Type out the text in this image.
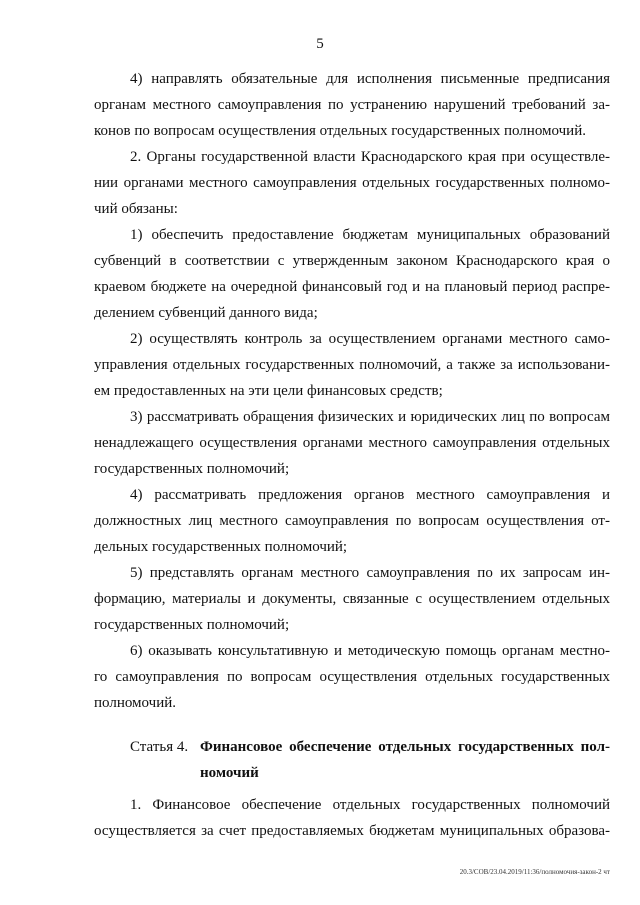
5
4) направлять обязательные для исполнения письменные предписания
органам местного самоуправления по устранению нарушений требований за-
конов по вопросам осуществления отдельных государственных полномочий.
2. Органы государственной власти Краснодарского края при осуществле-
нии органами местного самоуправления отдельных государственных полномо-
чий обязаны:
1) обеспечить предоставление бюджетам муниципальных образований
субвенций в соответствии с утвержденным законом Краснодарского края о
краевом бюджете на очередной финансовый год и на плановый период распре-
делением субвенций данного вида;
2) осуществлять контроль за осуществлением органами местного само-
управления отдельных государственных полномочий, а также за использовани-
ем предоставленных на эти цели финансовых средств;
3) рассматривать обращения физических и юридических лиц по вопросам
ненадлежащего осуществления органами местного самоуправления отдельных
государственных полномочий;
4) рассматривать предложения органов местного самоуправления и
должностных лиц местного самоуправления по вопросам осуществления от-
дельных государственных полномочий;
5) представлять органам местного самоуправления по их запросам ин-
формацию, материалы и документы, связанные с осуществлением отдельных
государственных полномочий;
6) оказывать консультативную и методическую помощь органам местно-
го самоуправления по вопросам осуществления отдельных государственных
полномочий.
Статья 4. Финансовое обеспечение отдельных государственных пол-
номочий
1. Финансовое обеспечение отдельных государственных полномочий
осуществляется за счет предоставляемых бюджетам муниципальных образова-
20.3/СОВ/23.04.2019/11:36/полномочия-закон-2 чт
